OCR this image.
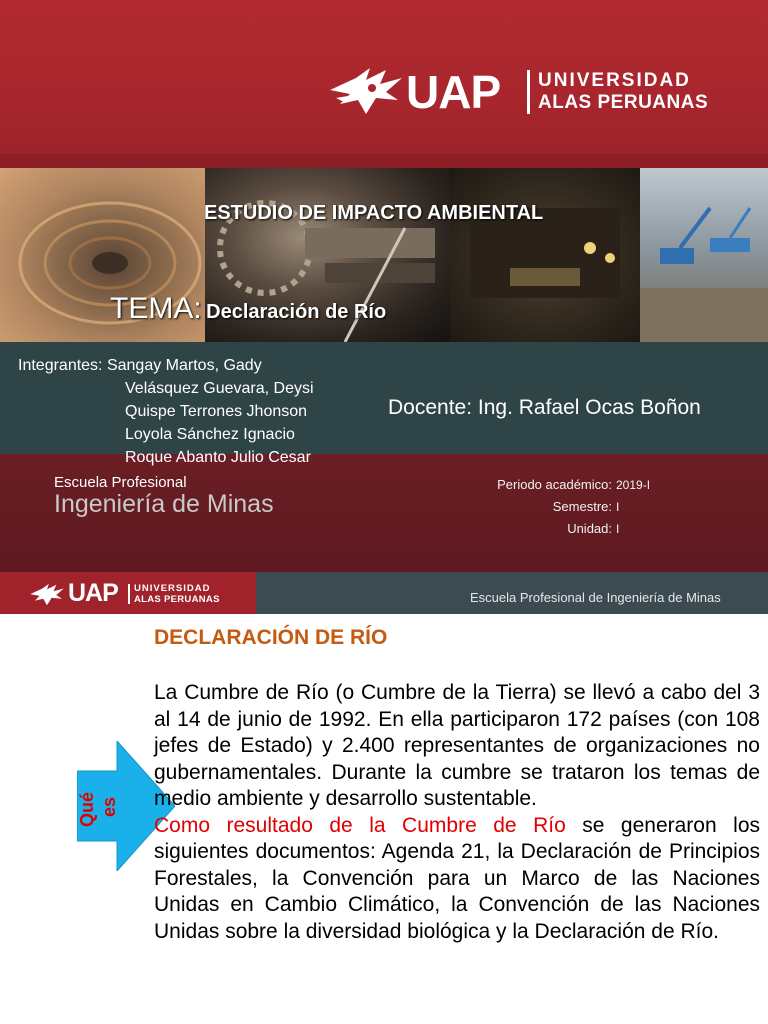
UAP UNIVERSIDAD
ALAS PERUANAS
ESTUDIO DE IMPACTO AMBIENTAL
TEMA: Declaración de Río
Integrantes: Sangay Martos, Gady
Velásquez Guevara, Deysi
Quispe Terrones Jhonson
Loyola Sánchez Ignacio
Roque Abanto Julio Cesar
Docente: Ing. Rafael Ocas Boñon
Escuela Profesional
Ingeniería de Minas
Periodo académico: 2019-I
Semestre: I
Unidad: I
UAP UNIVERSIDAD
ALAS PERUANAS	Escuela Profesional de Ingeniería de Minas
DECLARACIÓN DE RÍO
Qué es
La Cumbre de Río (o Cumbre de la Tierra) se llevó a cabo del 3 al 14 de junio de 1992. En ella participaron 172 países (con 108 jefes de Estado) y 2.400 representantes de organizaciones no gubernamentales. Durante la cumbre se trataron los temas de medio ambiente y desarrollo sustentable.
Como resultado de la Cumbre de Río se generaron los siguientes documentos: Agenda 21, la Declaración de Principios Forestales, la Convención para un Marco de las Naciones Unidas en Cambio Climático, la Convención de las Naciones Unidas sobre la diversidad biológica y la Declaración de Río.
